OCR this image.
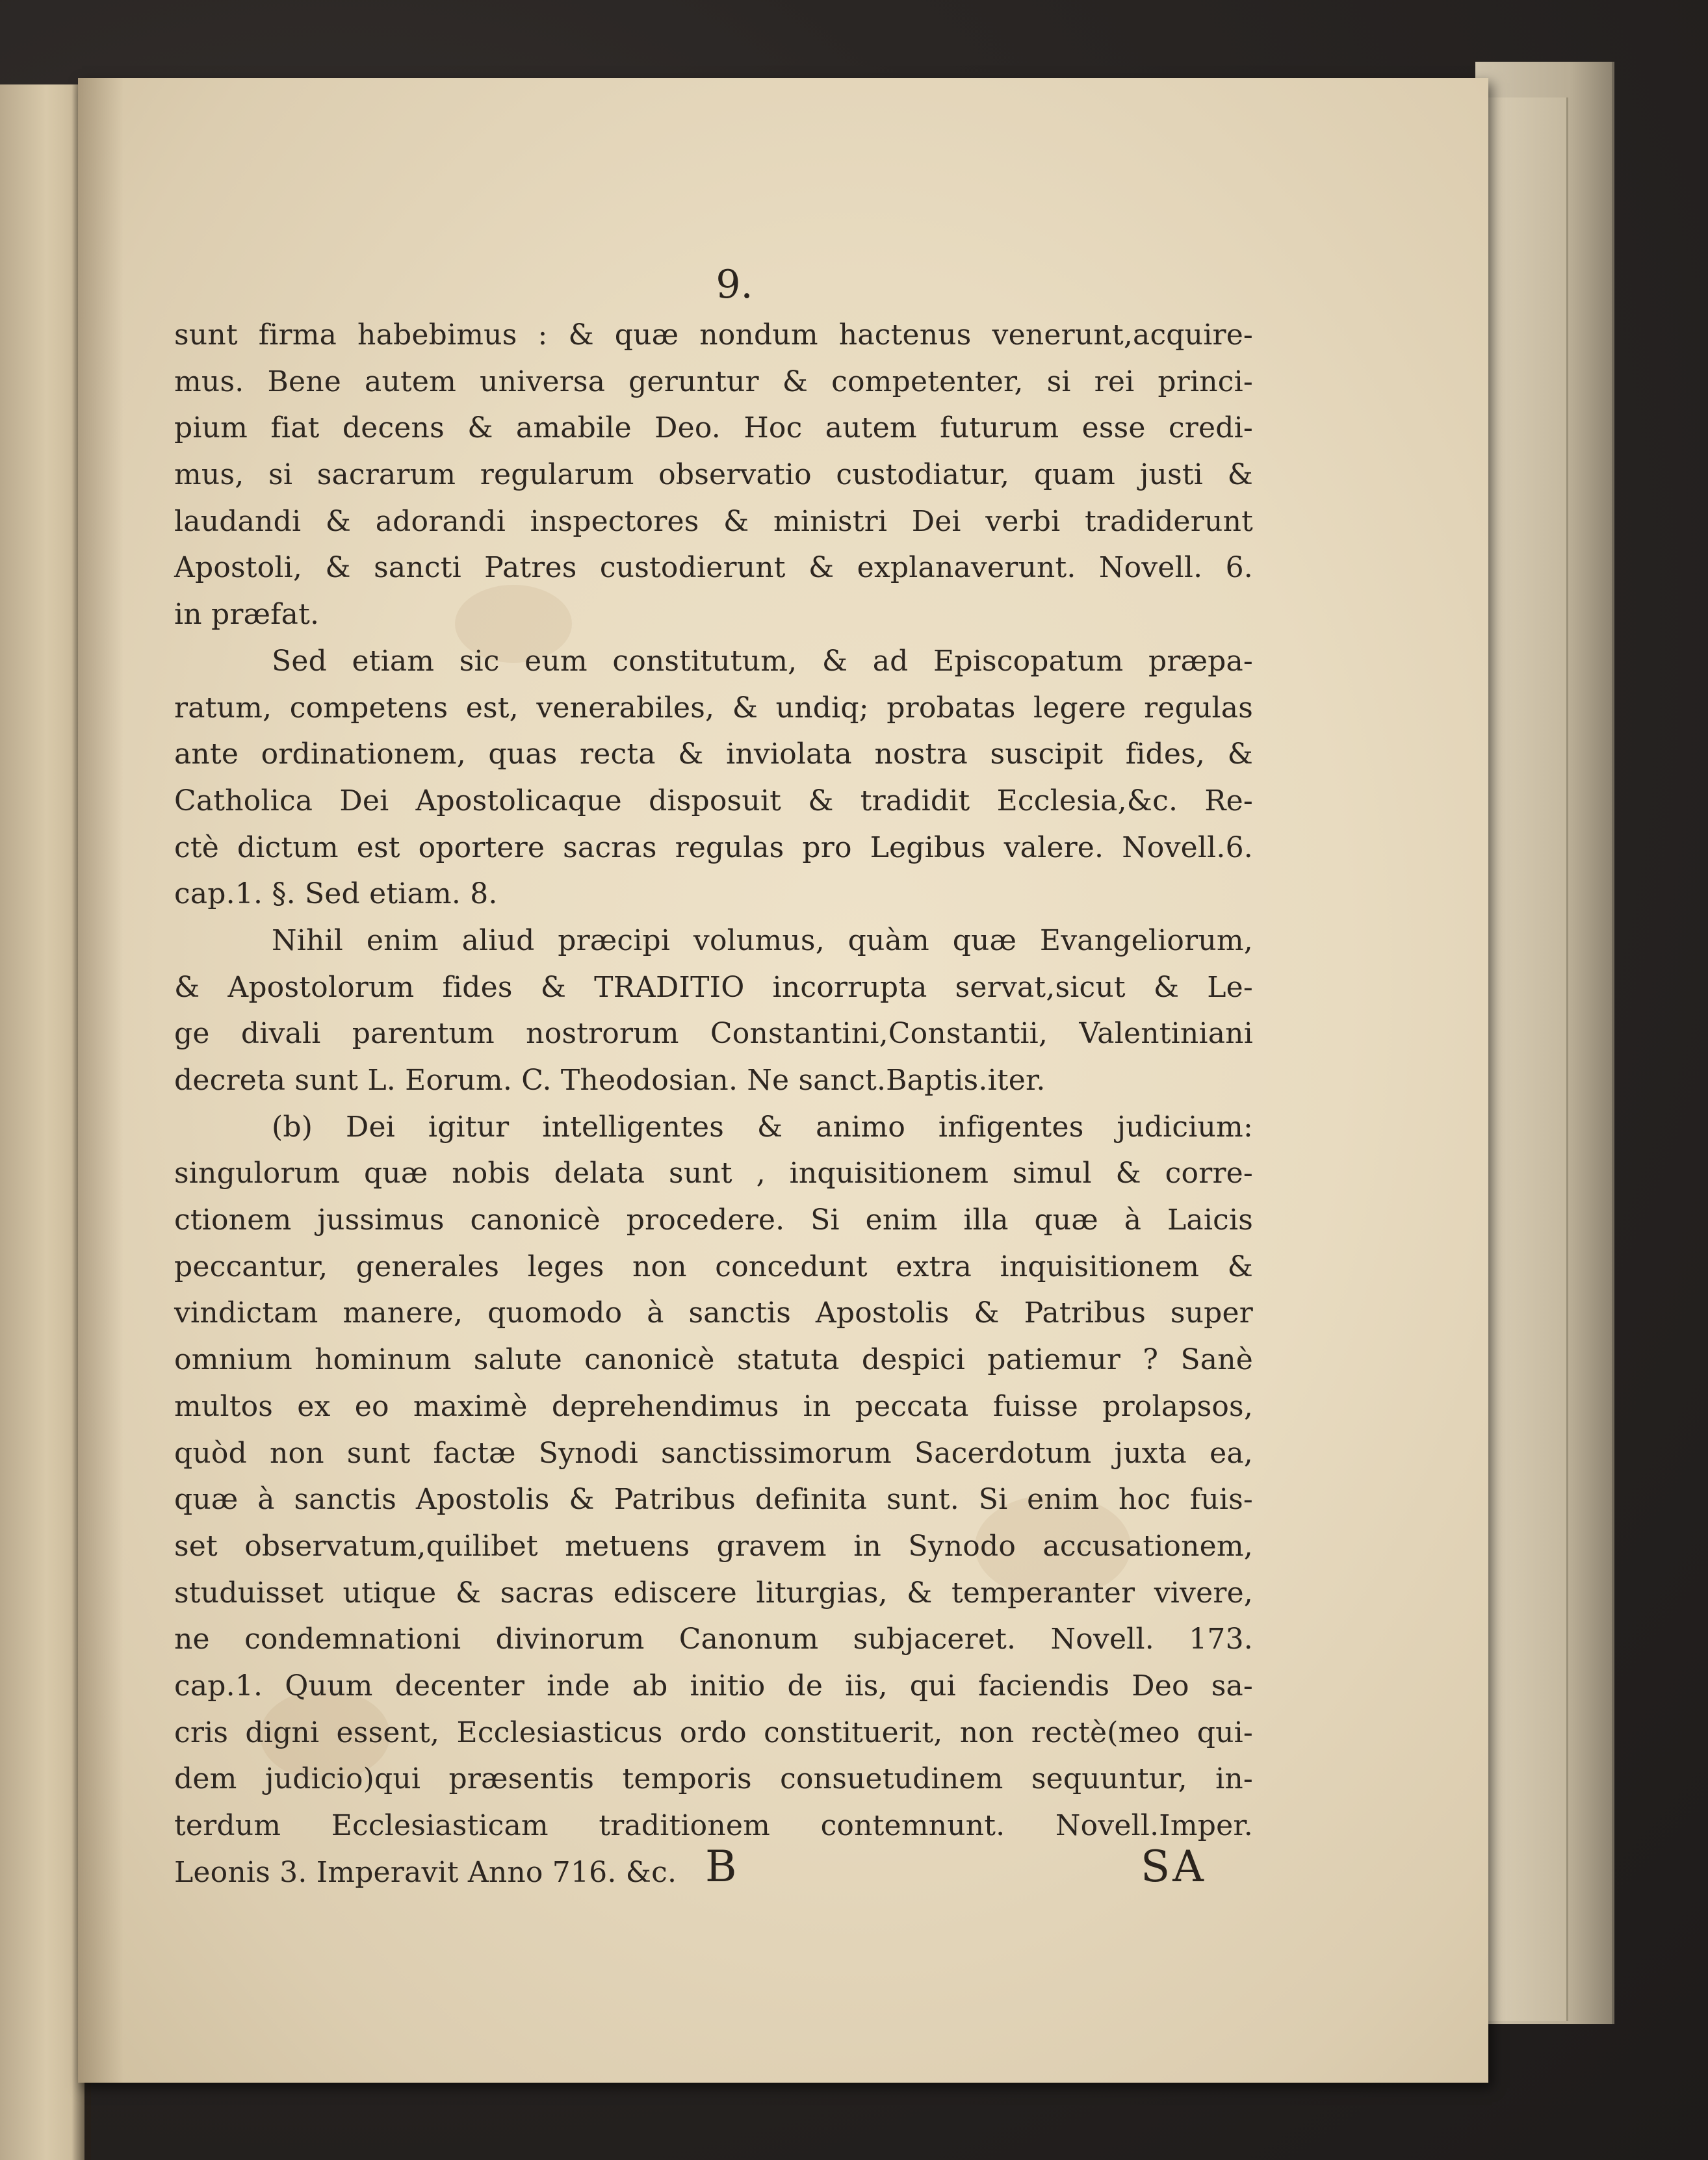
9.
sunt firma habebimus : & quæ nondum hactenus venerunt,acquire-
mus. Bene autem universa geruntur & competenter, si rei princi-
pium fiat decens & amabile Deo. Hoc autem futurum esse credi-
mus, si sacrarum regularum observatio custodiatur, quam justi &
laudandi & adorandi inspectores & ministri Dei verbi tradiderunt
Apostoli, & sancti Patres custodierunt & explanaverunt. Novell. 6.
in præfat.
Sed etiam sic eum constitutum, & ad Episcopatum præpa-
ratum, competens est, venerabiles, & undiq; probatas legere regulas
ante ordinationem, quas recta & inviolata nostra suscipit fides, &
Catholica Dei Apostolicaque disposuit & tradidit Ecclesia,&c. Re-
ctè dictum est oportere sacras regulas pro Legibus valere. Novell.6.
cap.1. §. Sed etiam. 8.
Nihil enim aliud præcipi volumus, quàm quæ Evangeliorum,
& Apostolorum fides & TRADITIO incorrupta servat,sicut & Le-
ge divali parentum nostrorum Constantini,Constantii, Valentiniani
decreta sunt L. Eorum. C. Theodosian. Ne sanct.Baptis.iter.
(b) Dei igitur intelligentes & animo infigentes judicium:
singulorum quæ nobis delata sunt , inquisitionem simul & corre-
ctionem jussimus canonicè procedere. Si enim illa quæ à Laicis
peccantur, generales leges non concedunt extra inquisitionem &
vindictam manere, quomodo à sanctis Apostolis & Patribus super
omnium hominum salute canonicè statuta despici patiemur ? Sanè
multos ex eo maximè deprehendimus in peccata fuisse prolapsos,
quòd non sunt factæ Synodi sanctissimorum Sacerdotum juxta ea,
quæ à sanctis Apostolis & Patribus definita sunt. Si enim hoc fuis-
set observatum,quilibet metuens gravem in Synodo accusationem,
studuisset utique & sacras ediscere liturgias, & temperanter vivere,
ne condemnationi divinorum Canonum subjaceret. Novell. 173.
cap.1. Quum decenter inde ab initio de iis, qui faciendis Deo sa-
cris digni essent, Ecclesiasticus ordo constituerit, non rectè(meo qui-
dem judicio)qui præsentis temporis consuetudinem sequuntur, in-
terdum Ecclesiasticam traditionem contemnunt. Novell.Imper.
Leonis 3. Imperavit Anno 716. &c. B	SA
